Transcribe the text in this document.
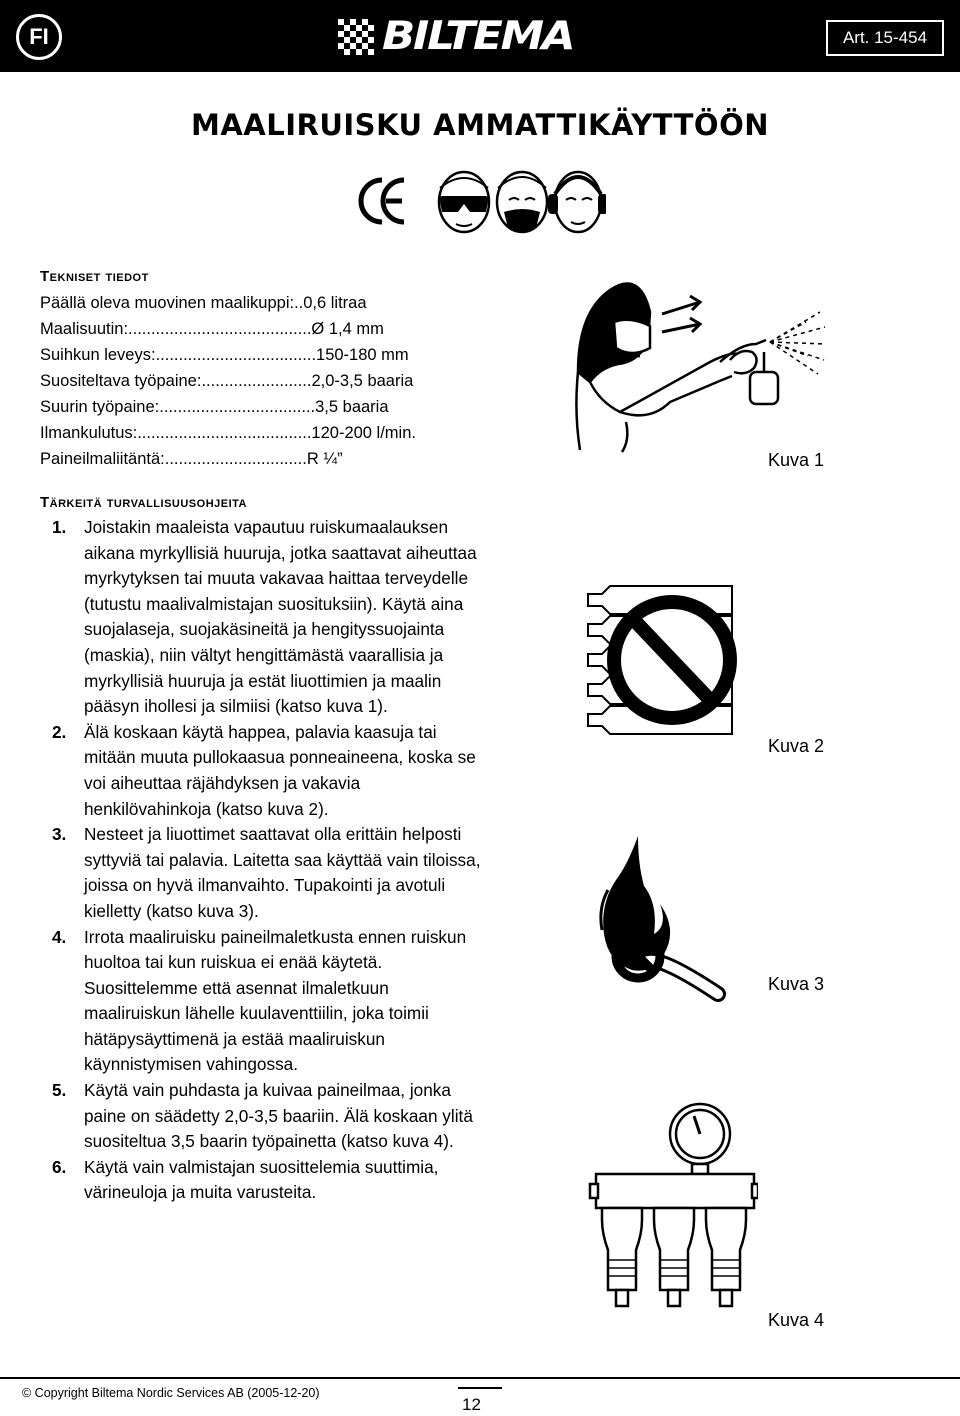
FI	BILTEMA	Art. 15-454
MAALIRUISKU AMMATTIKÄYTTÖÖN
Tekniset tiedot
Päällä oleva muovinen maalikuppi: .. 0,6 litraa
Maalisuutin: ........................................ Ø 1,4 mm
Suihkun leveys: ................................... 150-180 mm
Suositeltava työpaine: ........................ 2,0-3,5 baaria
Suurin työpaine: .................................. 3,5 baaria
Ilmankulutus: ...................................... 120-200 l/min.
Paineilmaliitäntä: ............................... R ¼”
Tärkeitä turvallisuusohjeita
1.	Joistakin maaleista vapautuu ruiskumaalauksen aikana myrkyllisiä huuruja, jotka saattavat aiheuttaa myrkytyksen tai muuta vakavaa haittaa terveydelle (tutustu maalivalmistajan suosituksiin). Käytä aina suojalaseja, suojakäsineitä ja hengityssuojainta (maskia), niin vältyt hengittämästä vaarallisia ja myrkyllisiä huuruja ja estät liuottimien ja maalin pääsyn ihollesi ja silmiisi (katso kuva 1).
2.	Älä koskaan käytä happea, palavia kaasuja tai mitään muuta pullokaasua ponneaineena, koska se voi aiheuttaa räjähdyksen ja vakavia henkilövahinkoja (katso kuva 2).
3.	Nesteet ja liuottimet saattavat olla erittäin helposti syttyviä tai palavia. Laitetta saa käyttää vain tiloissa, joissa on hyvä ilmanvaihto. Tupakointi ja avotuli kielletty (katso kuva 3).
4.	Irrota maaliruisku paineilmaletkusta ennen ruiskun huoltoa tai kun ruiskua ei enää käytetä. Suosittelemme että asennat ilmaletkuun maaliruiskun lähelle kuulaventtiilin, joka toimii hätäpysäyttimenä ja estää maaliruiskun käynnistymisen vahingossa.
5.	Käytä vain puhdasta ja kuivaa paineilmaa, jonka paine on säädetty 2,0-3,5 baariin. Älä koskaan ylitä suositeltua 3,5 baarin työpainetta (katso kuva 4).
6.	Käytä vain valmistajan suosittelemia suuttimia, värineuloja ja muita varusteita.
Kuva 1
Kuva 2
Kuva 3
Kuva 4
© Copyright Biltema Nordic Services AB (2005-12-20)
12
